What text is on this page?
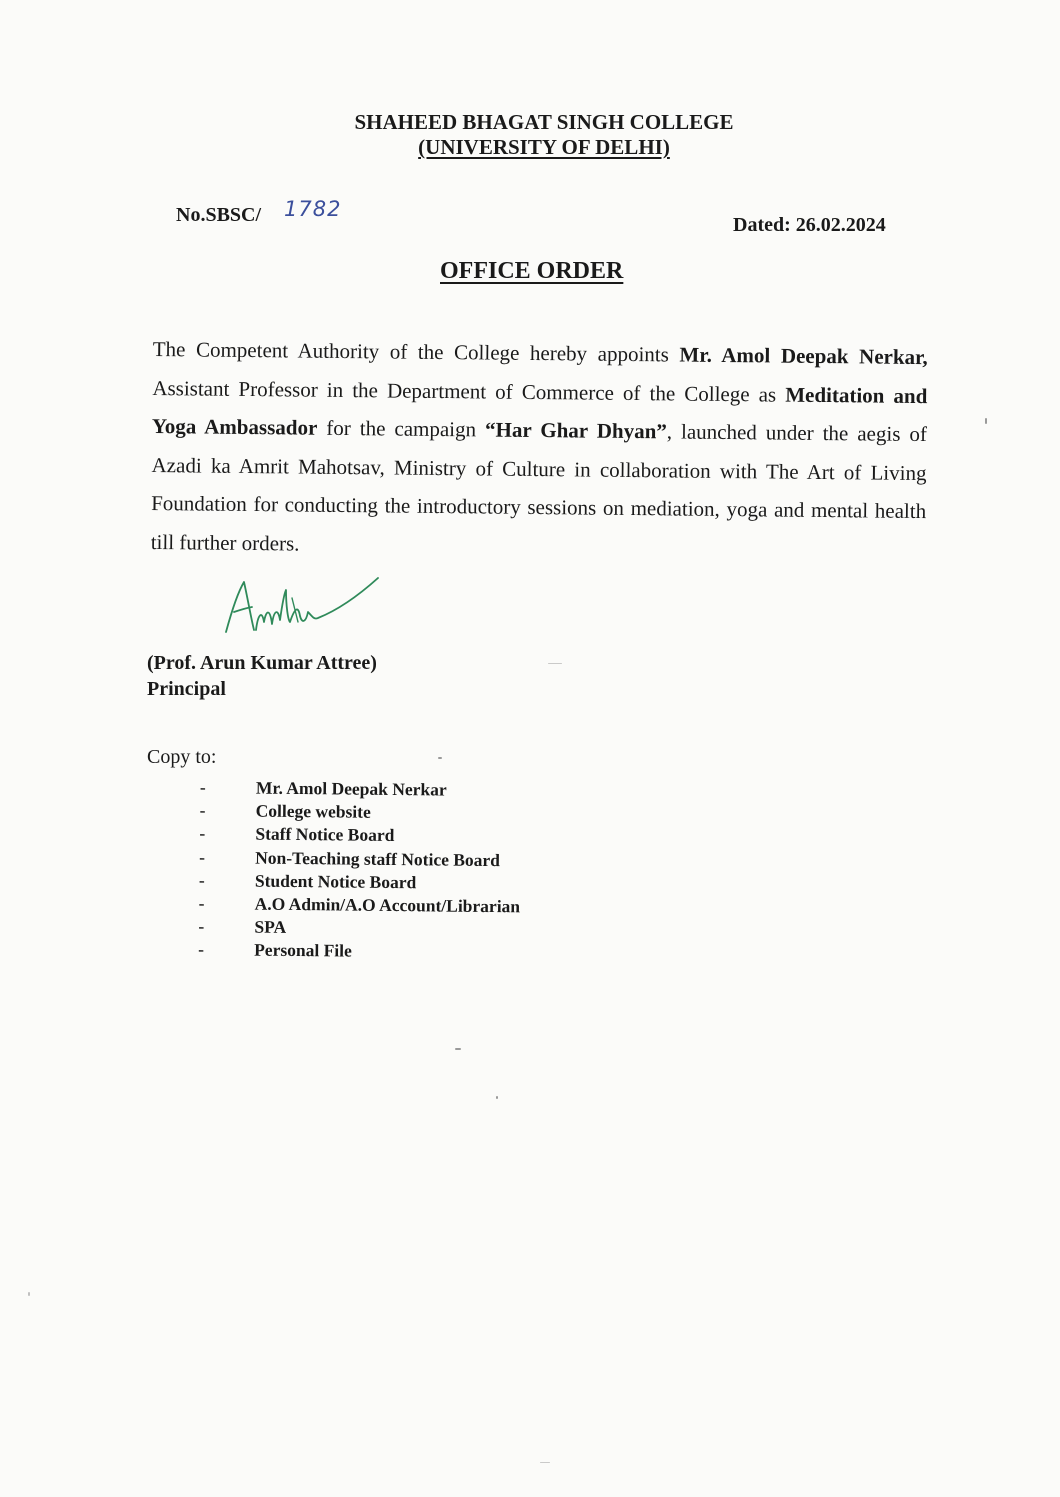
SHAHEED BHAGAT SINGH COLLEGE
(UNIVERSITY OF DELHI)
No.SBSC/ 1782
Dated: 26.02.2024
OFFICE ORDER
The Competent Authority of the College hereby appoints Mr. Amol Deepak Nerkar, Assistant Professor in the Department of Commerce of the College as Meditation and Yoga Ambassador for the campaign “Har Ghar Dhyan”, launched under the aegis of Azadi ka Amrit Mahotsav, Ministry of Culture in collaboration with The Art of Living Foundation for conducting the introductory sessions on mediation, yoga and mental health till further orders.
(Prof. Arun Kumar Attree)
Principal
Copy to:
-	Mr. Amol Deepak Nerkar
-	College website
-	Staff Notice Board
-	Non-Teaching staff Notice Board
-	Student Notice Board
-	A.O Admin/A.O Account/Librarian
-	SPA
-	Personal File
